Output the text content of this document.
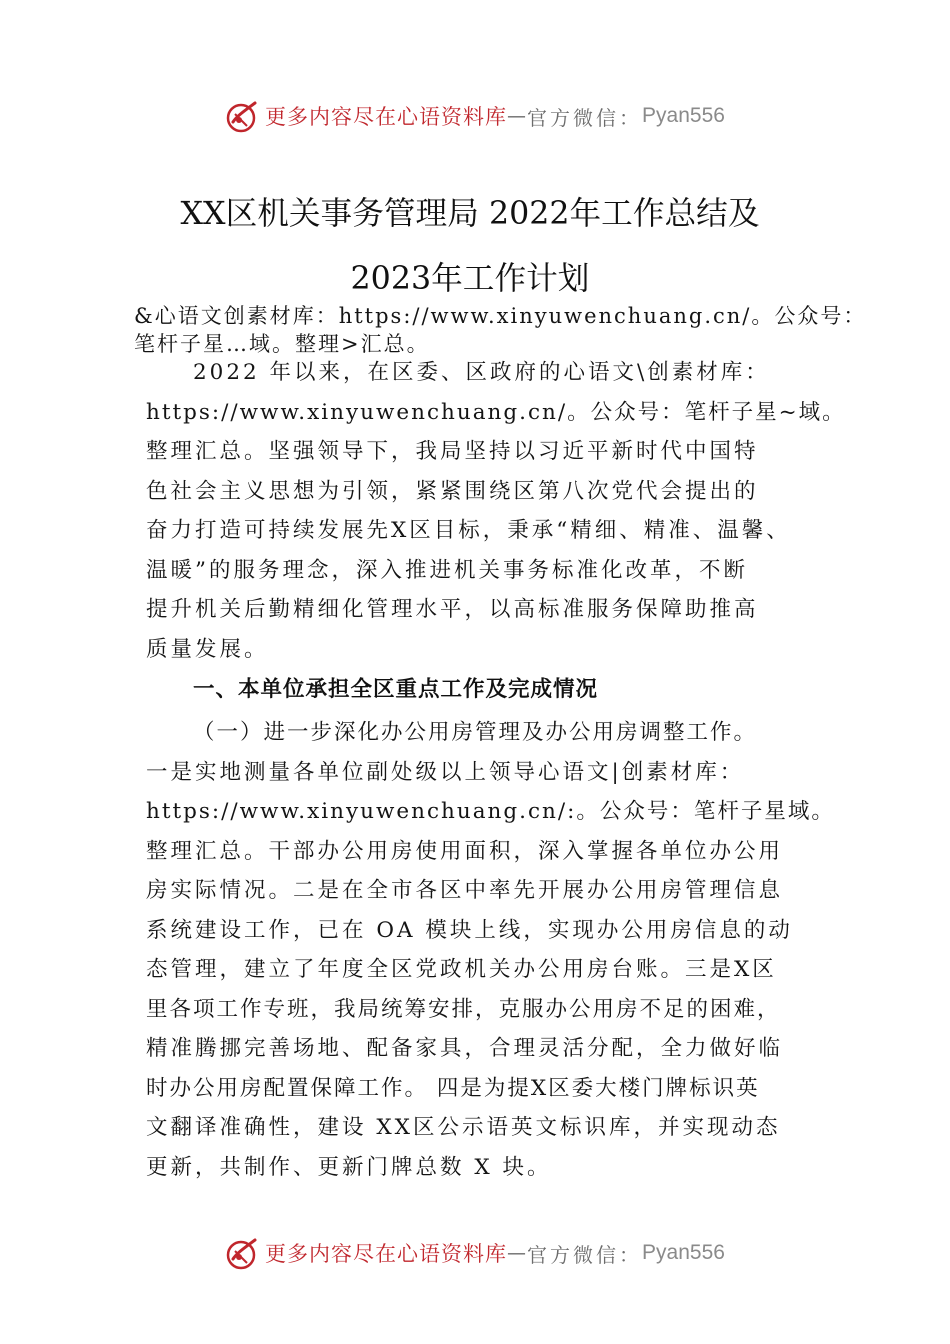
更多内容尽在心语资料库 — 官方微信： Pyan556
XX区机关事务管理局 2022年工作总结及
2023年工作计划
&心语文创素材库：https://www.xinyuwenchuang.cn/。公众号：
笔杆子星…域。整理>汇总。
2022 年以来，在区委、区政府的心语文\创素材库：
https://www.xinyuwenchuang.cn/。公众号：笔杆子星~域。
整理汇总。坚强领导下，我局坚持以习近平新时代中国特
色社会主义思想为引领，紧紧围绕区第八次党代会提出的
奋力打造可持续发展先X区目标，秉承“精细、精准、温馨、
温暖”的服务理念，深入推进机关事务标准化改革，不断
提升机关后勤精细化管理水平，以高标准服务保障助推高
质量发展。
一、本单位承担全区重点工作及完成情况
（一）进一步深化办公用房管理及办公用房调整工作。
一是实地测量各单位副处级以上领导心语文|创素材库：
https://www.xinyuwenchuang.cn/:。公众号：笔杆子星域。
整理汇总。干部办公用房使用面积，深入掌握各单位办公用
房实际情况。二是在全市各区中率先开展办公用房管理信息
系统建设工作，已在 OA 模块上线，实现办公用房信息的动
态管理，建立了年度全区党政机关办公用房台账。三是X区
里各项工作专班，我局统筹安排，克服办公用房不足的困难，
精准腾挪完善场地、配备家具，合理灵活分配，全力做好临
时办公用房配置保障工作。 四是为提X区委大楼门牌标识英
文翻译准确性，建设 XX区公示语英文标识库，并实现动态
更新，共制作、更新门牌总数 X 块。
更多内容尽在心语资料库 — 官方微信： Pyan556
